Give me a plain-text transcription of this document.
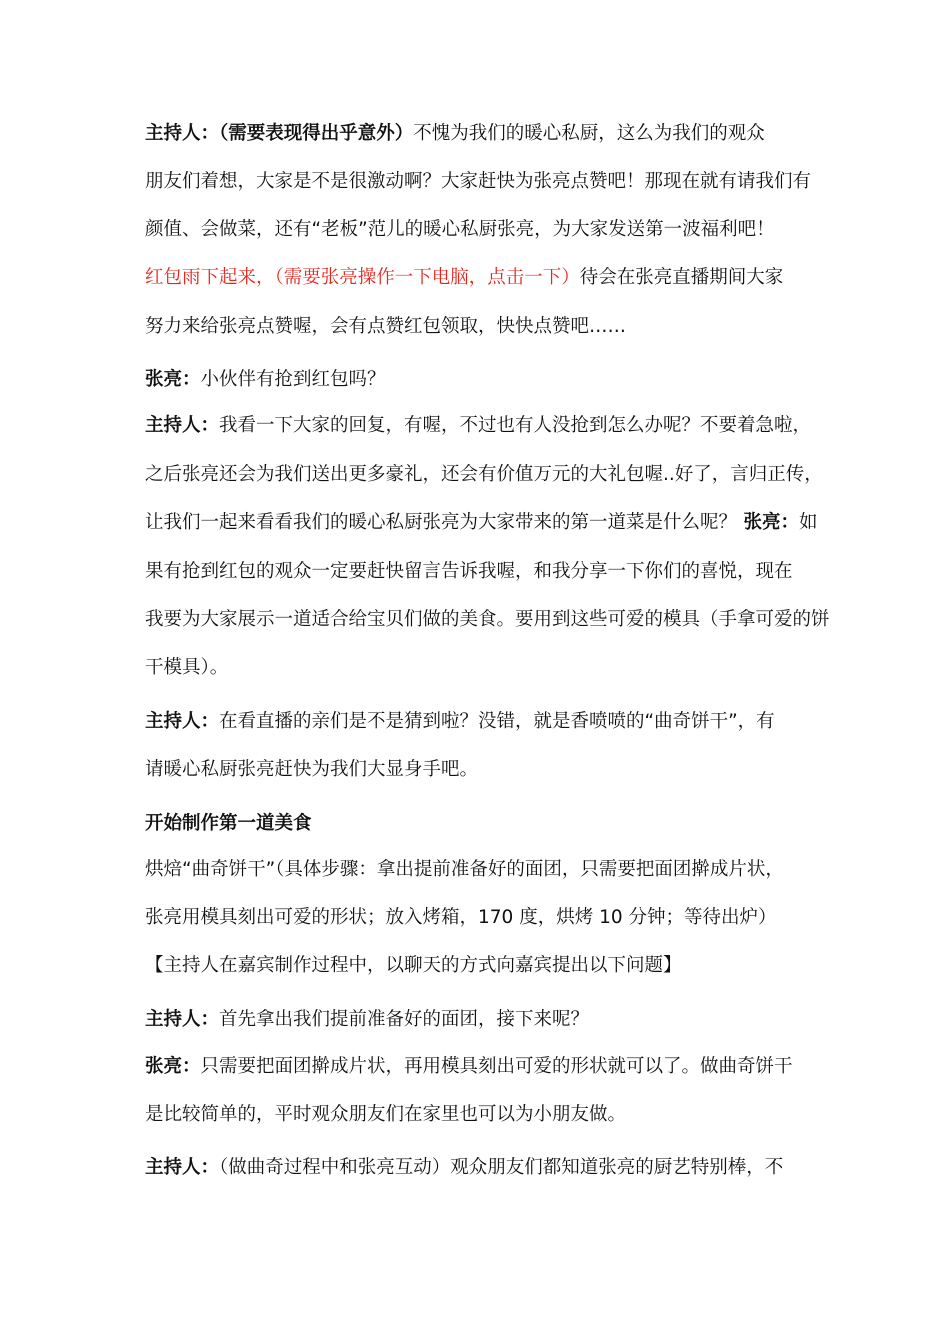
主持人：（需要表现得出乎意外）不愧为我们的暖心私厨，这么为我们的观众
朋友们着想，大家是不是很激动啊？大家赶快为张亮点赞吧！那现在就有请我们有
颜值、会做菜，还有“老板”范儿的暖心私厨张亮，为大家发送第一波福利吧！
红包雨下起来，（需要张亮操作一下电脑，点击一下）待会在张亮直播期间大家
努力来给张亮点赞喔，会有点赞红包领取，快快点赞吧……
张亮：小伙伴有抢到红包吗？
主持人：我看一下大家的回复，有喔，不过也有人没抢到怎么办呢？不要着急啦，
之后张亮还会为我们送出更多豪礼，还会有价值万元的大礼包喔..好了，言归正传，
让我们一起来看看我们的暖心私厨张亮为大家带来的第一道菜是什么呢？ 张亮：如
果有抢到红包的观众一定要赶快留言告诉我喔，和我分享一下你们的喜悦，现在
我要为大家展示一道适合给宝贝们做的美食。要用到这些可爱的模具（手拿可爱的饼
干模具）。
主持人：在看直播的亲们是不是猜到啦？没错，就是香喷喷的“曲奇饼干”，有
请暖心私厨张亮赶快为我们大显身手吧。
开始制作第一道美食
烘焙“曲奇饼干”（具体步骤：拿出提前准备好的面团，只需要把面团擀成片状，
张亮用模具刻出可爱的形状；放入烤箱，170 度，烘烤 10 分钟；等待出炉）
【主持人在嘉宾制作过程中，以聊天的方式向嘉宾提出以下问题】
主持人：首先拿出我们提前准备好的面团，接下来呢？
张亮：只需要把面团擀成片状，再用模具刻出可爱的形状就可以了。做曲奇饼干
是比较简单的，平时观众朋友们在家里也可以为小朋友做。
主持人：（做曲奇过程中和张亮互动）观众朋友们都知道张亮的厨艺特别棒，不
